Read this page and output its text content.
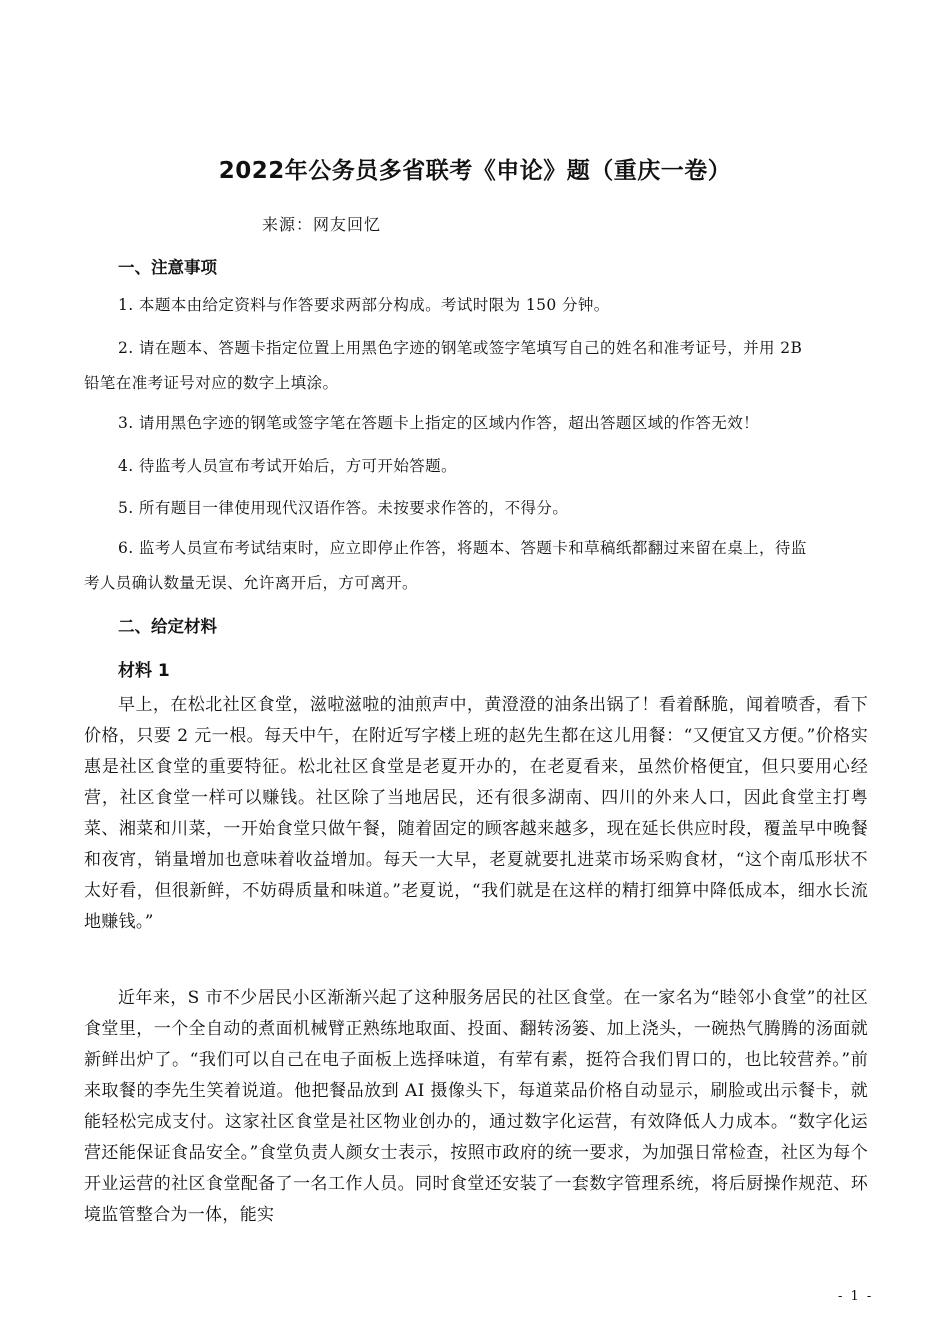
2022年公务员多省联考《申论》题（重庆一卷）
来源：网友回忆
一、注意事项
1. 本题本由给定资料与作答要求两部分构成。考试时限为 150 分钟。
2. 请在题本、答题卡指定位置上用黑色字迹的钢笔或签字笔填写自己的姓名和准考证号，并用 2B
铅笔在准考证号对应的数字上填涂。
3. 请用黑色字迹的钢笔或签字笔在答题卡上指定的区域内作答，超出答题区域的作答无效！
4. 待监考人员宣布考试开始后，方可开始答题。
5. 所有题目一律使用现代汉语作答。未按要求作答的，不得分。
6. 监考人员宣布考试结束时，应立即停止作答，将题本、答题卡和草稿纸都翻过来留在桌上，待监
考人员确认数量无误、允许离开后，方可离开。
二、给定材料
材料 1

早上，在松北社区食堂，滋啦滋啦的油煎声中，黄澄澄的油条出锅了！看着酥脆，闻着喷香，看下价格，只要 2 元一根。每天中午，在附近写字楼上班的赵先生都在这儿用餐：“又便宜又方便。”价格实惠是社区食堂的重要特征。松北社区食堂是老夏开办的，在老夏看来，虽然价格便宜，但只要用心经营，社区食堂一样可以赚钱。社区除了当地居民，还有很多湖南、四川的外来人口，因此食堂主打粤菜、湘菜和川菜，一开始食堂只做午餐，随着固定的顾客越来越多，现在延长供应时段，覆盖早中晚餐和夜宵，销量增加也意味着收益增加。每天一大早，老夏就要扎进菜市场采购食材，“这个南瓜形状不太好看，但很新鲜，不妨碍质量和味道。”老夏说，“我们就是在这样的精打细算中降低成本，细水长流地赚钱。”

近年来，S 市不少居民小区渐渐兴起了这种服务居民的社区食堂。在一家名为“睦邻小食堂”的社区食堂里，一个全自动的煮面机械臂正熟练地取面、投面、翻转汤篓、加上浇头，一碗热气腾腾的汤面就新鲜出炉了。“我们可以自己在电子面板上选择味道，有荤有素，挺符合我们胃口的，也比较营养。”前来取餐的李先生笑着说道。他把餐品放到 AI 摄像头下，每道菜品价格自动显示，刷脸或出示餐卡，就能轻松完成支付。这家社区食堂是社区物业创办的，通过数字化运营，有效降低人力成本。“数字化运营还能保证食品安全。”食堂负责人颜女士表示，按照市政府的统一要求，为加强日常检查，社区为每个开业运营的社区食堂配备了一名工作人员。同时食堂还安装了一套数字管理系统，将后厨操作规范、环境监管整合为一体，能实

- 1 -
